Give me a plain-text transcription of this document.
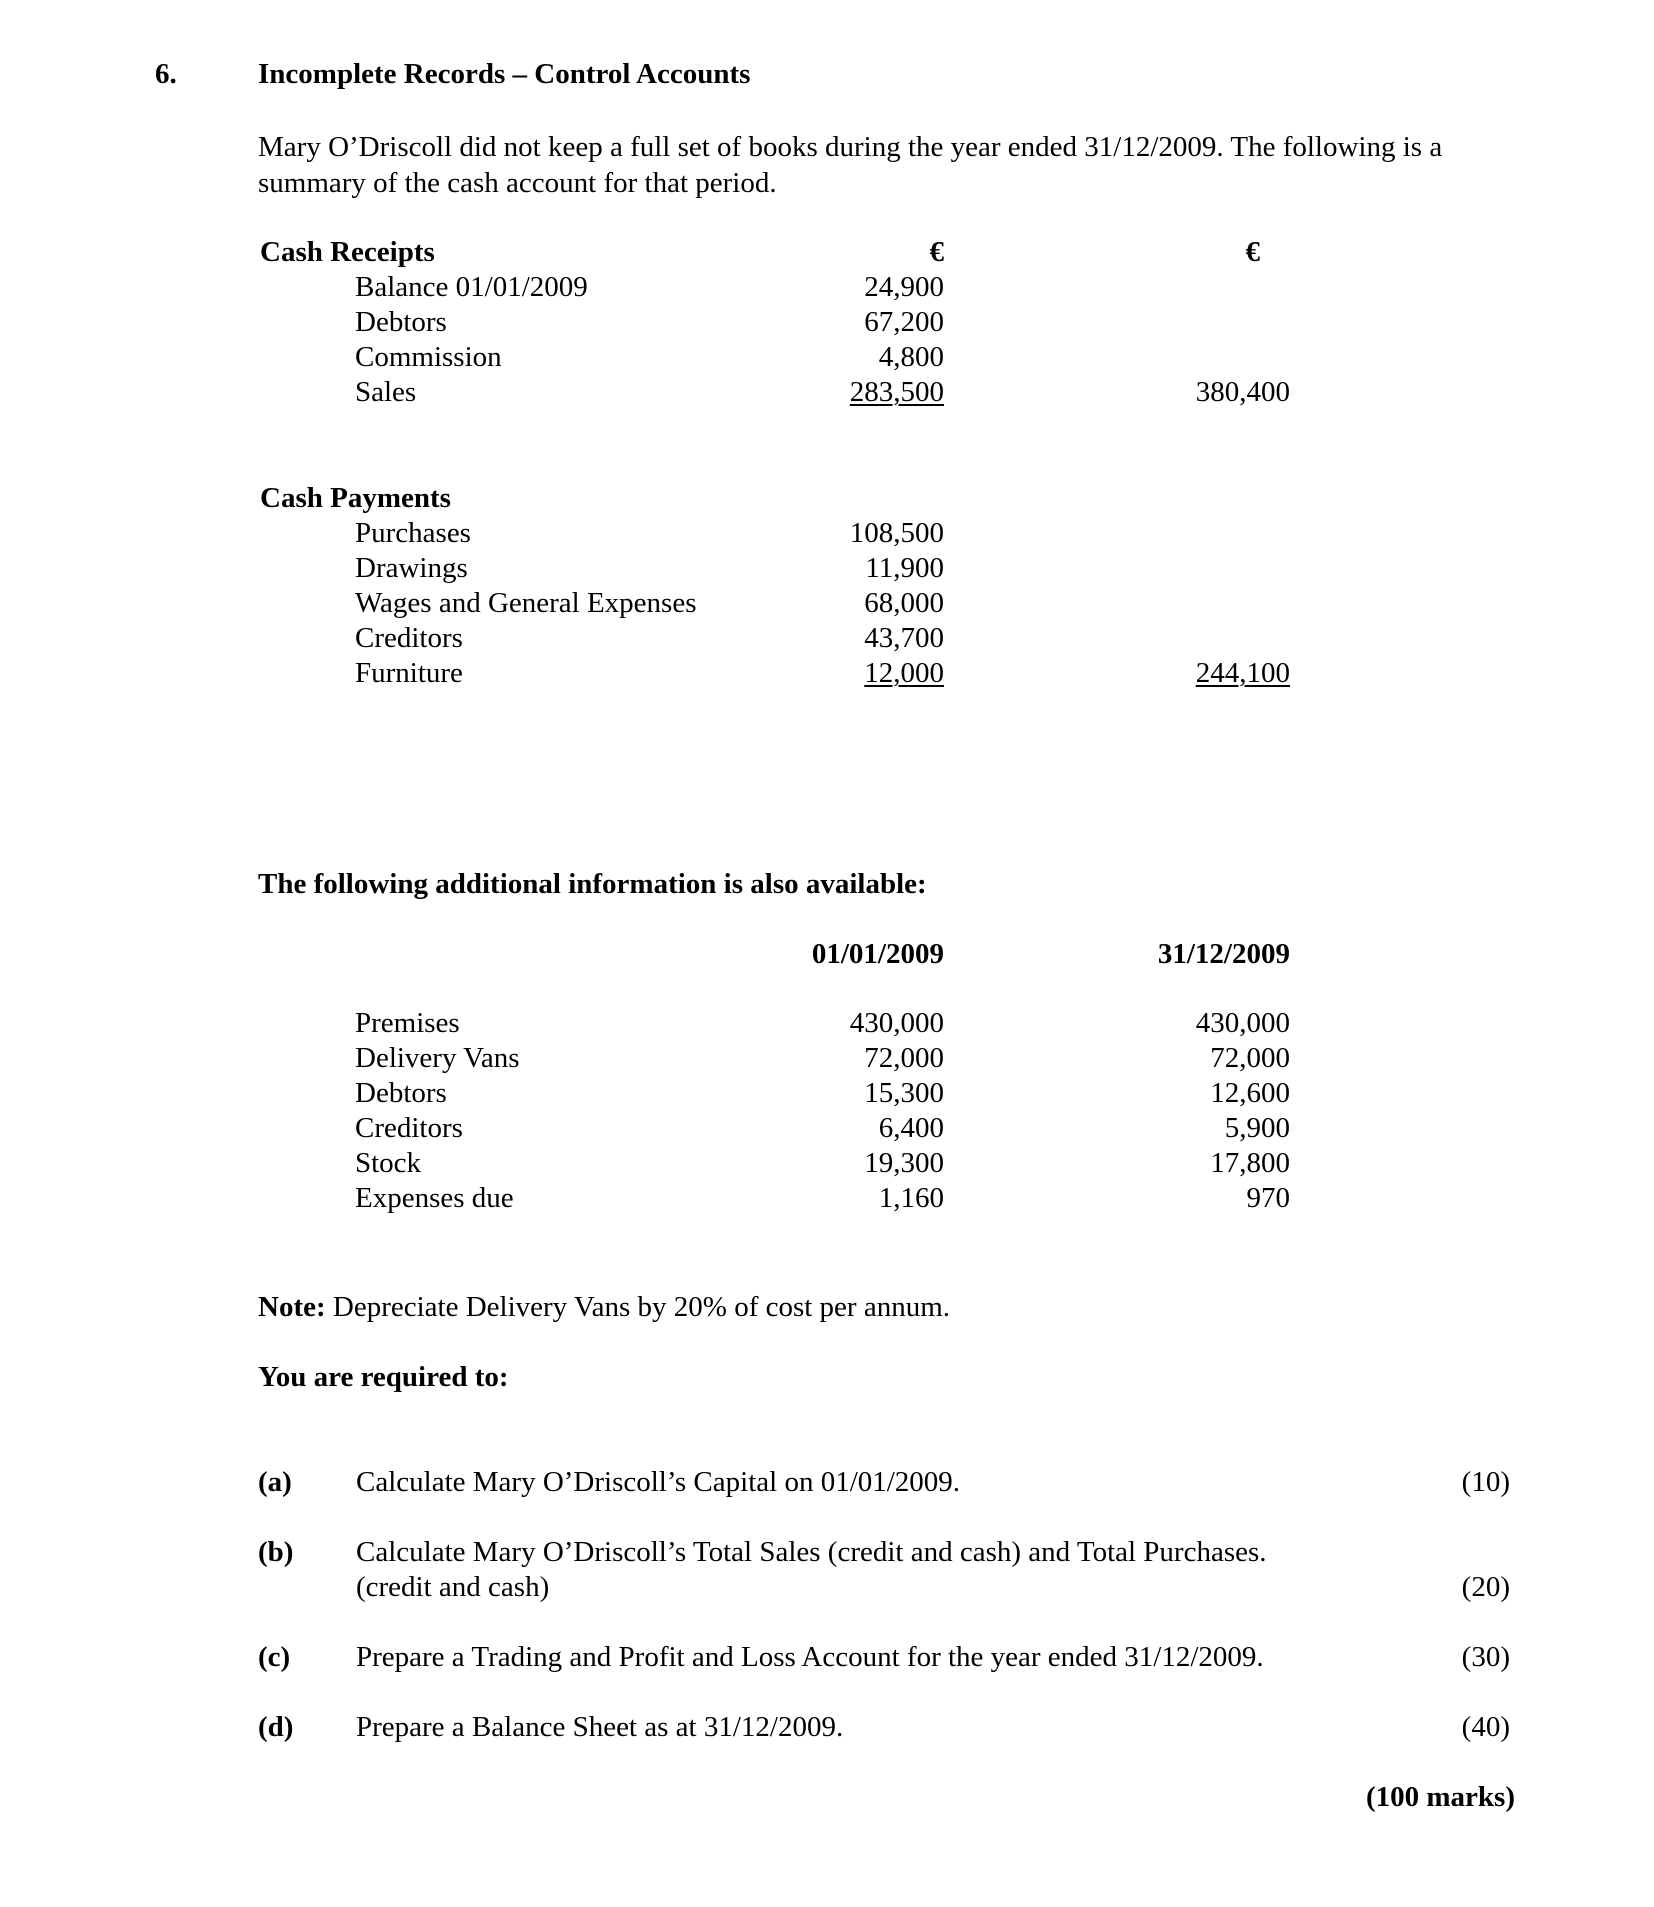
6.	Incomplete Records – Control Accounts
Mary O’Driscoll did not keep a full set of books during the year ended 31/12/2009. The following is a
summary of the cash account for that period.
Cash Receipts	€	€
Balance 01/01/2009	24,900
Debtors	67,200
Commission	4,800
Sales	283,500	380,400
Cash Payments
Purchases	108,500
Drawings	11,900
Wages and General Expenses	68,000
Creditors	43,700
Furniture	12,000	244,100
The following additional information is also available:
01/01/2009	31/12/2009
Premises	430,000	430,000
Delivery Vans	72,000	72,000
Debtors	15,300	12,600
Creditors	6,400	5,900
Stock	19,300	17,800
Expenses due	1,160	970
Note: Depreciate Delivery Vans by 20% of cost per annum.
You are required to:
(a) Calculate Mary O’Driscoll’s Capital on 01/01/2009.	(10)
(b) Calculate Mary O’Driscoll’s Total Sales (credit and cash) and Total Purchases.
(credit and cash)	(20)
(c) Prepare a Trading and Profit and Loss Account for the year ended 31/12/2009.	(30)
(d) Prepare a Balance Sheet as at 31/12/2009.	(40)
(100 marks)
